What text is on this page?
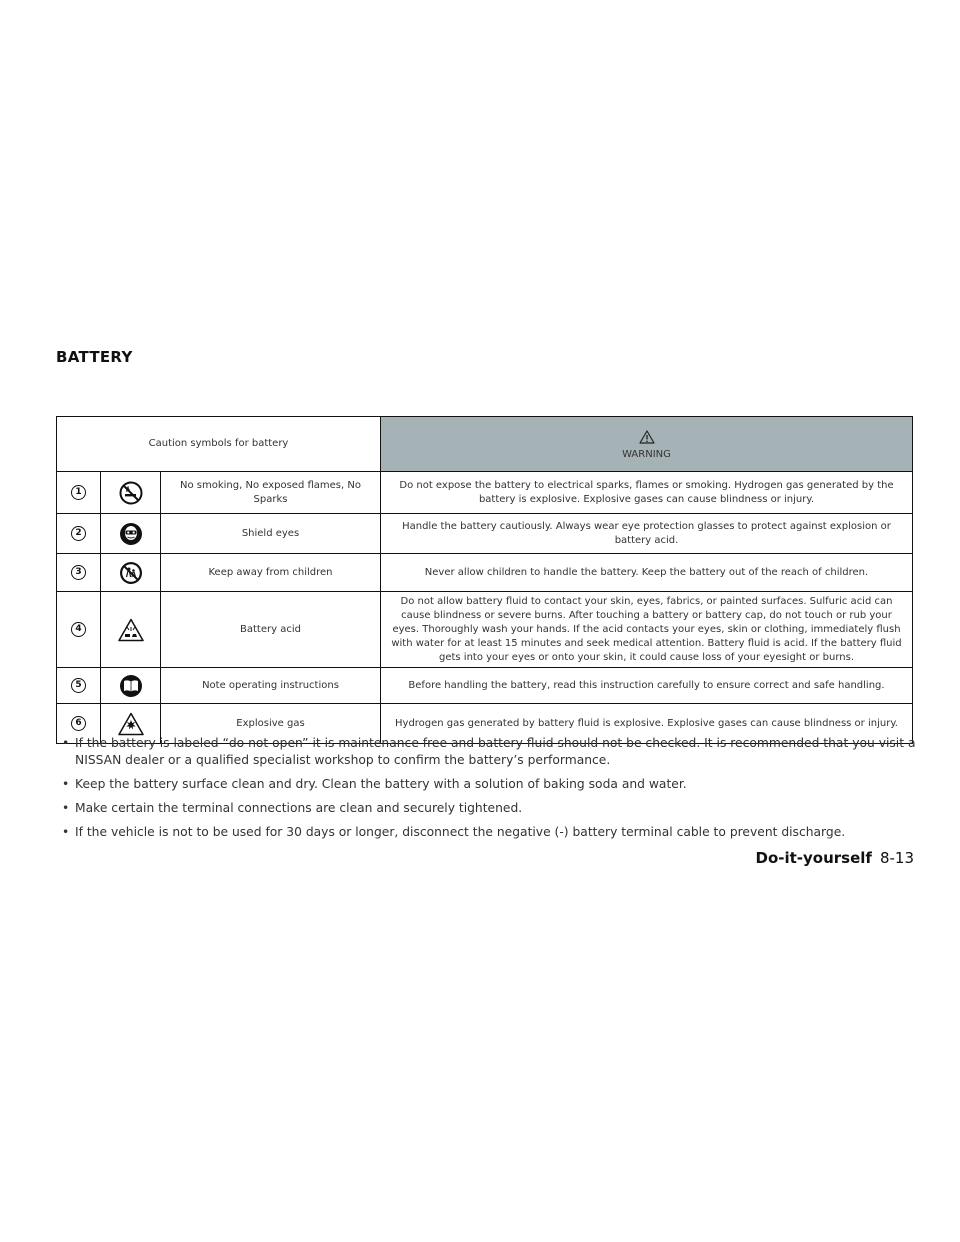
BATTERY
Caution symbols for battery			WARNING
1		No smoking, No exposed flames, No Sparks	Do not expose the battery to electrical sparks, flames or smoking. Hydrogen gas generated by the battery is explosive. Explosive gases can cause blindness or injury.
2		Shield eyes	Handle the battery cautiously. Always wear eye protection glasses to protect against explosion or battery acid.
3		Keep away from children	Never allow children to handle the battery. Keep the battery out of the reach of children.
4		Battery acid	Do not allow battery fluid to contact your skin, eyes, fabrics, or painted surfaces. Sulfuric acid can cause blindness or severe burns. After touching a battery or battery cap, do not touch or rub your eyes. Thoroughly wash your hands. If the acid contacts your eyes, skin or clothing, immediately flush with water for at least 15 minutes and seek medical attention. Battery fluid is acid. If the battery fluid gets into your eyes or onto your skin, it could cause loss of your eyesight or burns.
5		Note operating instructions	Before handling the battery, read this instruction carefully to ensure correct and safe handling.
6		Explosive gas	Hydrogen gas generated by battery fluid is explosive. Explosive gases can cause blindness or injury.
• If the battery is labeled “do not open” it is maintenance free and battery fluid should not be checked. It is recommended that you visit a NISSAN dealer or a qualified specialist workshop to confirm the battery’s performance.
• Keep the battery surface clean and dry. Clean the battery with a solution of baking soda and water.
• Make certain the terminal connections are clean and securely tightened.
• If the vehicle is not to be used for 30 days or longer, disconnect the negative (-) battery terminal cable to prevent discharge.
Do-it-yourself 8-13
